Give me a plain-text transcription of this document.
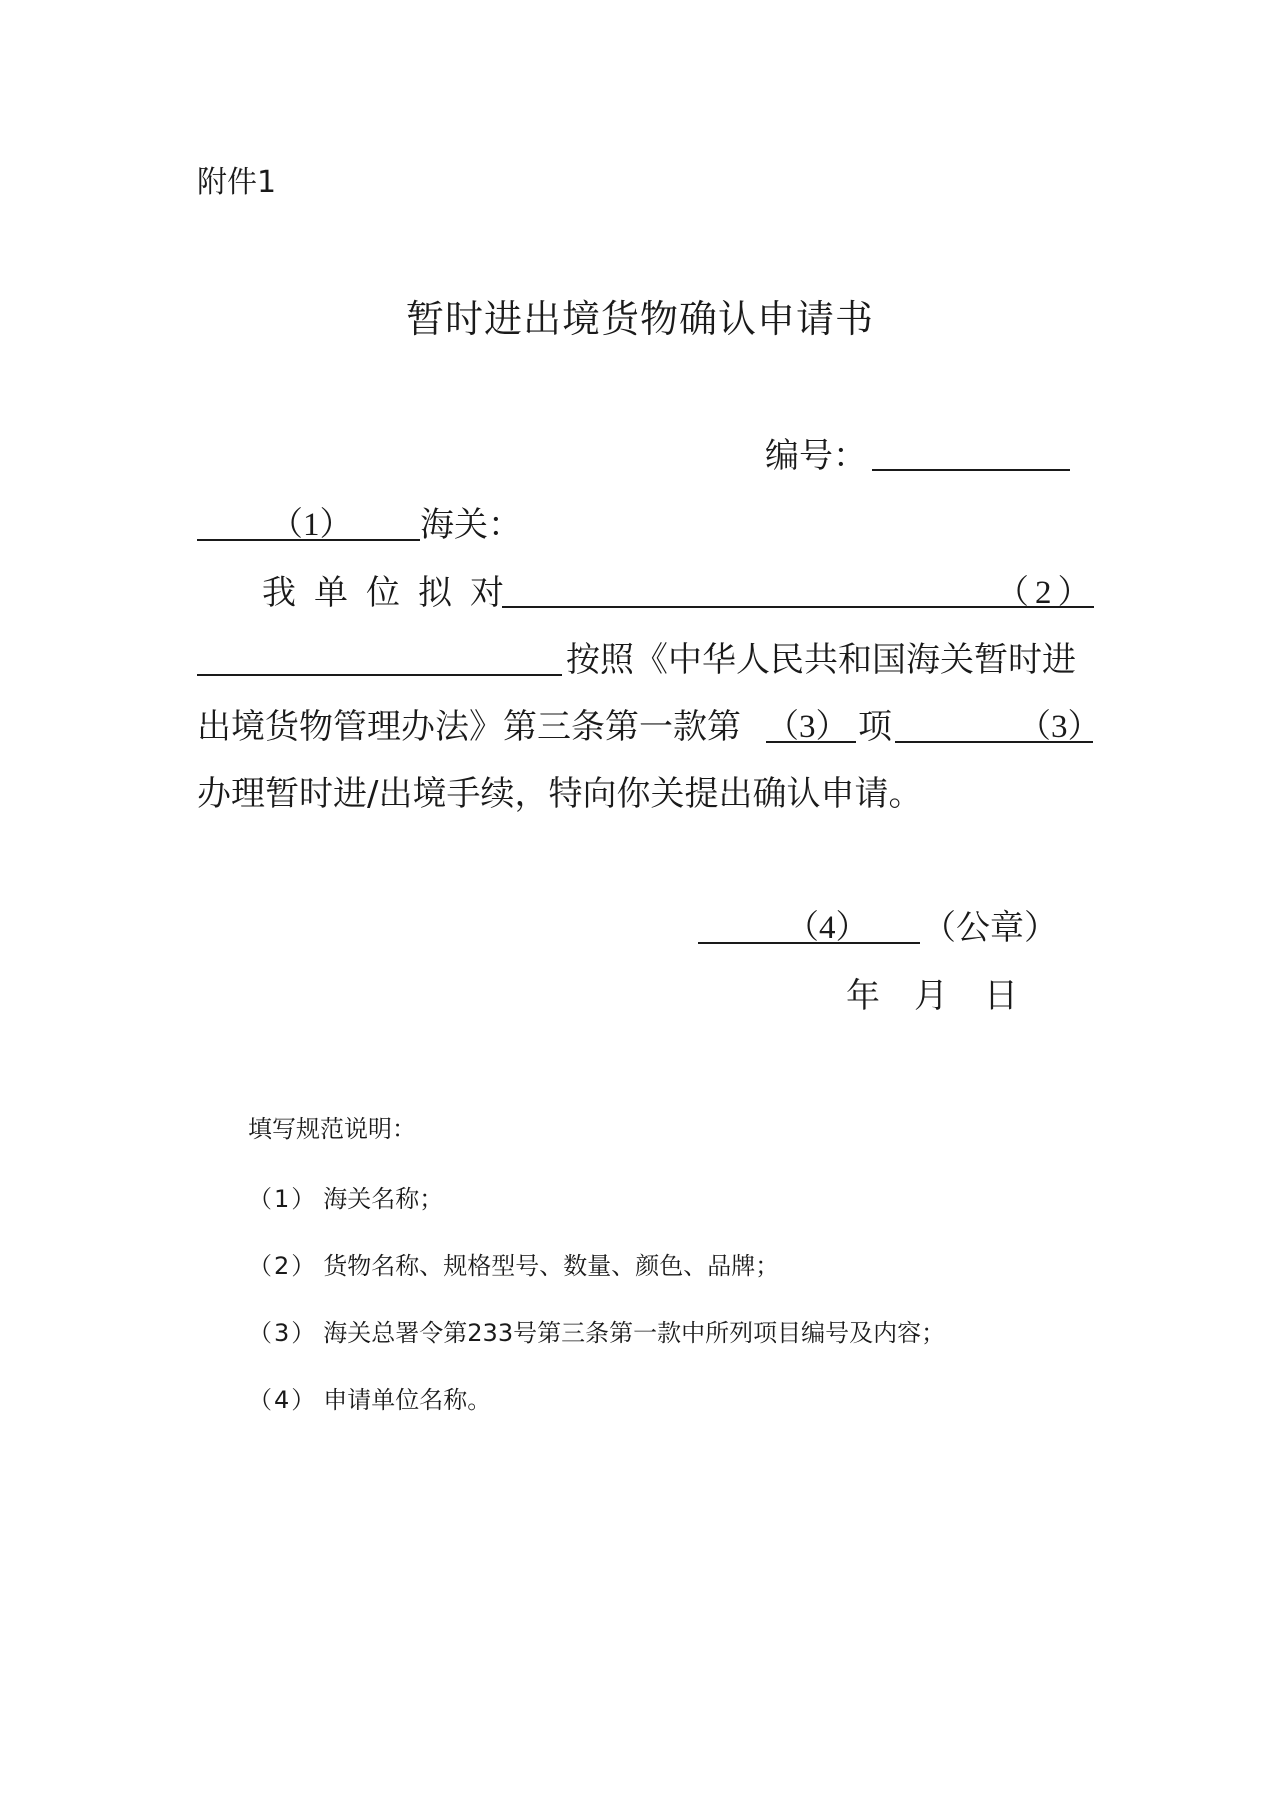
附件1
暂时进出境货物确认申请书
编号：
（1） 海关：
我单位拟对	（2）
按照《中华人民共和国海关暂时进
出境货物管理办法》第三条第一款第 （3） 项	（3）
办理暂时进/出境手续，特向你关提出确认申请。
（4） （公章）
年 月 日
填写规范说明：
（1） 海关名称；
（2） 货物名称、规格型号、数量、颜色、品牌；
（3） 海关总署令第233号第三条第一款中所列项目编号及内容；
（4） 申请单位名称。
